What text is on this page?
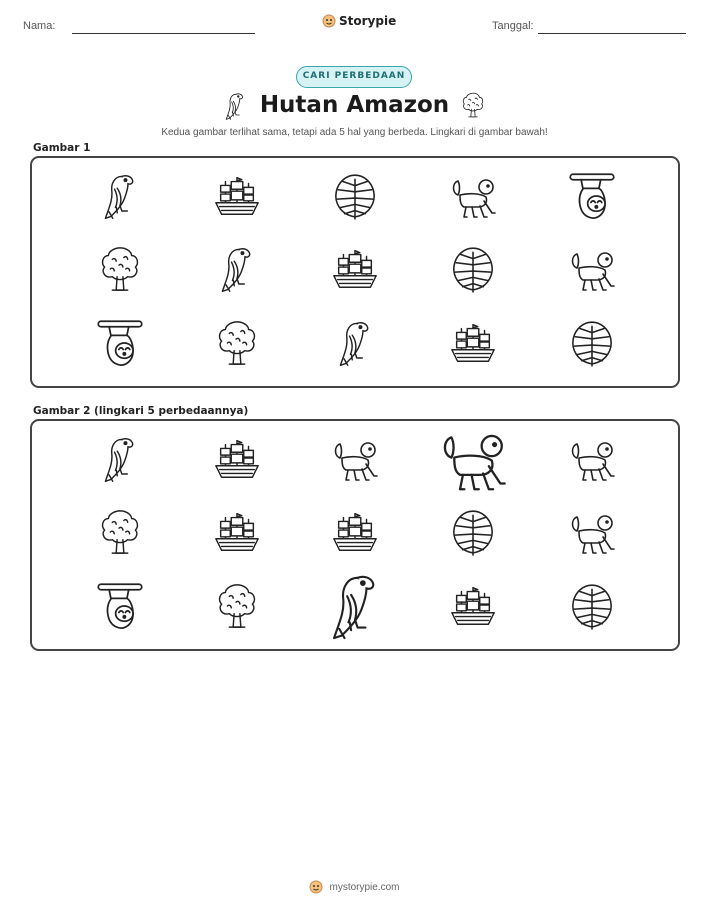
Nama:	Storypie	Tanggal:
CARI PERBEDAAN
Hutan Amazon
Kedua gambar terlihat sama, tetapi ada 5 hal yang berbeda. Lingkari di gambar bawah!
Gambar 1
Gambar 2 (lingkari 5 perbedaannya)
mystorypie.com
